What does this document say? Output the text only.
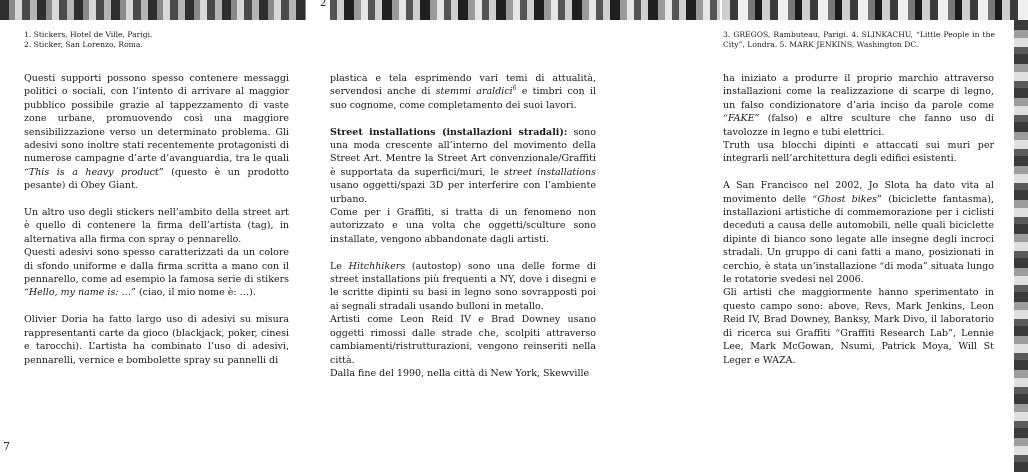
2
7

1. Stickers, Hotel de Ville, Parigi.

2. Sticker, San Lorenzo, Roma.

3. GREGOS, Rambuteau, Parigi. 4. SLINKACHU, “Little People in the City”, Londra. 5. MARK JENKINS, Washington DC.

Questi supporti possono spesso contenere messaggi politici o sociali, con l’intento di arrivare al maggior pubblico possibile grazie al tappezzamento di vaste zone urbane, promuovendo così una maggiore sensibilizzazione verso un determinato problema. Gli adesivi sono inoltre stati recentemente protagonisti di numerose campagne d’arte d’avanguardia, tra le quali “This is a heavy product” (questo è un prodotto pesante) di Obey Giant.

Un altro uso degli stickers nell’ambito della street art è quello di contenere la firma dell’artista (tag), in alternativa alla firma con spray o pennarello.

Questi adesivi sono spesso caratterizzati da un colore di sfondo uniforme e dalla firma scritta a mano con il pennarello, come ad esempio la famosa serie di stikers “Hello, my name is: …” (ciao, il mio nome è: …).

Olivier Doria ha fatto largo uso di adesivi su misura rappresentanti carte da gioco (blackjack, poker, cinesi e tarocchi). L’artista ha combinato l’uso di adesivi, pennarelli, vernice e bombolette spray su pannelli di

plastica e tela esprimendo vari temi di attualità, servendosi anche di stemmi araldici$^6$ e timbri con il suo cognome, come completamento dei suoi lavori.

Street installations (installazioni stradali): sono una moda crescente all’interno del movimento della Street Art. Mentre la Street Art convenzionale/Graffiti è supportata da superfici/muri, le street installations usano oggetti/spazi 3D per interferire con l’ambiente urbano.

Come per i Graffiti, si tratta di un fenomeno non autorizzato e una volta che oggetti/sculture sono installate, vengono abbandonate dagli artisti.

Le Hitchhikers (autostop) sono una delle forme di street installations più frequenti a NY, dove i disegni e le scritte dipinti su basi in legno sono sovrapposti poi ai segnali stradali usando bulloni in metallo.

Artisti come Leon Reid IV e Brad Downey usano oggetti rimossi dalle strade che, scolpiti attraverso cambiamenti/ristrutturazioni, vengono reinseriti nella città.

Dalla fine del 1990, nella città di New York, Skewville

ha iniziato a produrre il proprio marchio attraverso installazioni come la realizzazione di scarpe di legno, un falso condizionatore d’aria inciso da parole come “FAKE” (falso) e altre sculture che fanno uso di tavolozze in legno e tubi elettrici.

Truth usa blocchi dipinti e attaccati sui muri per integrarli nell’architettura degli edifici esistenti.

A San Francisco nel 2002, Jo Slota ha dato vita al movimento delle “Ghost bikes” (biciclette fantasma), installazioni artistiche di commemorazione per i ciclisti deceduti a causa delle automobili, nelle quali biciclette dipinte di bianco sono legate alle insegne degli incroci stradali. Un gruppo di cani fatti a mano, posizionati in cerchio, è stata un’installazione “di moda” situata lungo le rotatorie svedesi nel 2006.

Gli artisti che maggiormente hanno sperimentato in questo campo sono: above, Revs, Mark Jenkins, Leon Reid IV, Brad Downey, Banksy, Mark Divo, il laboratorio di ricerca sui Graffiti “Graffiti Research Lab”, Lennie Lee, Mark McGowan, Nsumi, Patrick Moya, Will St Leger e WAZA.
